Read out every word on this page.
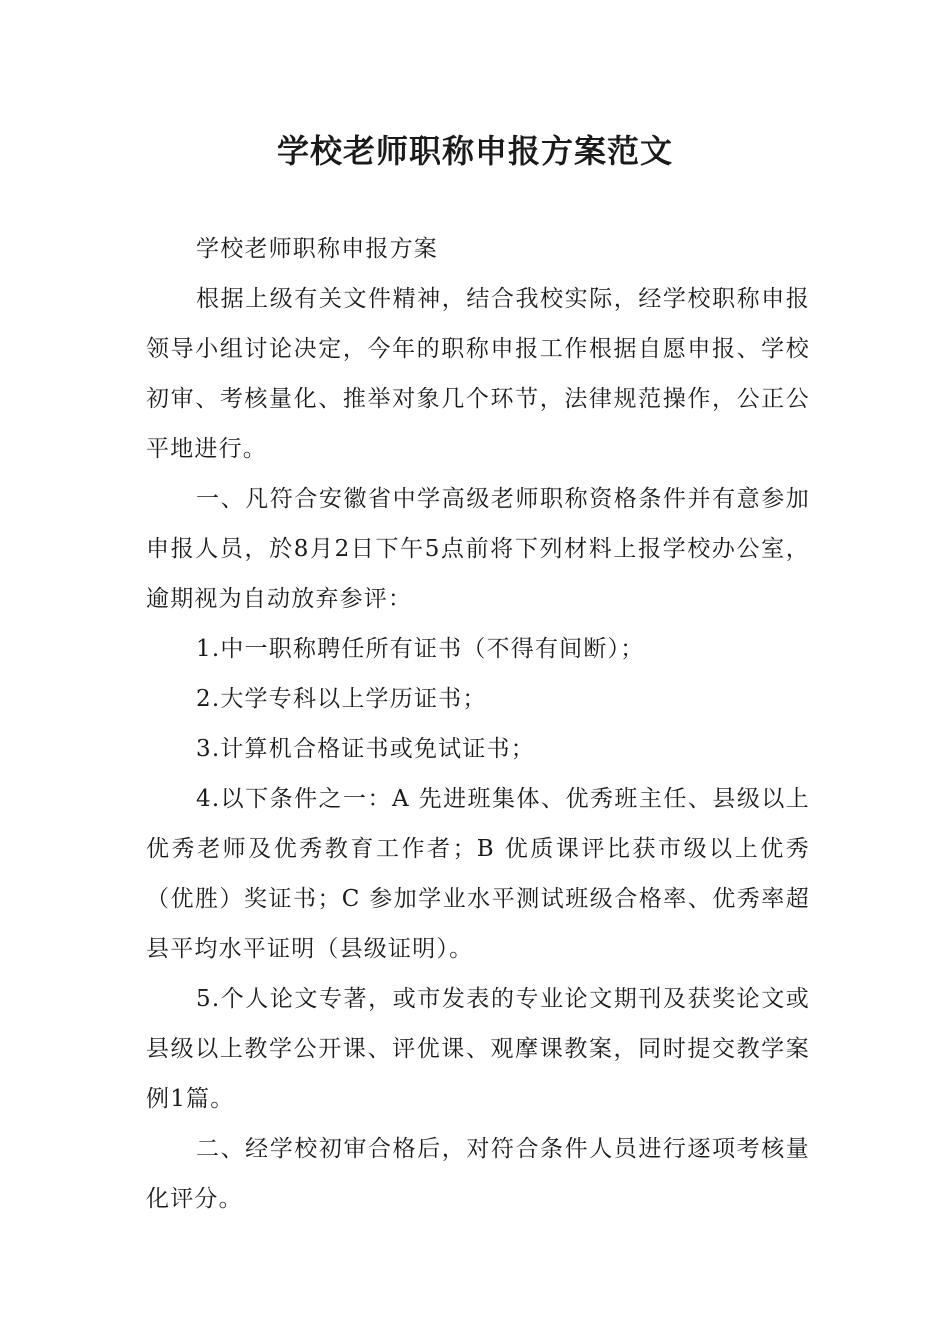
学校老师职称申报方案范文

学校老师职称申报方案

根据上级有关文件精神，结合我校实际，经学校职称申报领导小组讨论决定，今年的职称申报工作根据自愿申报、学校初审、考核量化、推举对象几个环节，法律规范操作，公正公平地进行。

一、凡符合安徽省中学高级老师职称资格条件并有意参加申报人员，於8月2日下午5点前将下列材料上报学校办公室，逾期视为自动放弃参评：

1.中一职称聘任所有证书（不得有间断）；

2.大学专科以上学历证书；

3.计算机合格证书或免试证书；

4.以下条件之一：A 先进班集体、优秀班主任、县级以上优秀老师及优秀教育工作者；B 优质课评比获市级以上优秀（优胜）奖证书；C 参加学业水平测试班级合格率、优秀率超县平均水平证明（县级证明）。

5.个人论文专著，或市发表的专业论文期刊及获奖论文或县级以上教学公开课、评优课、观摩课教案，同时提交教学案例1篇。

二、经学校初审合格后，对符合条件人员进行逐项考核量化评分。
